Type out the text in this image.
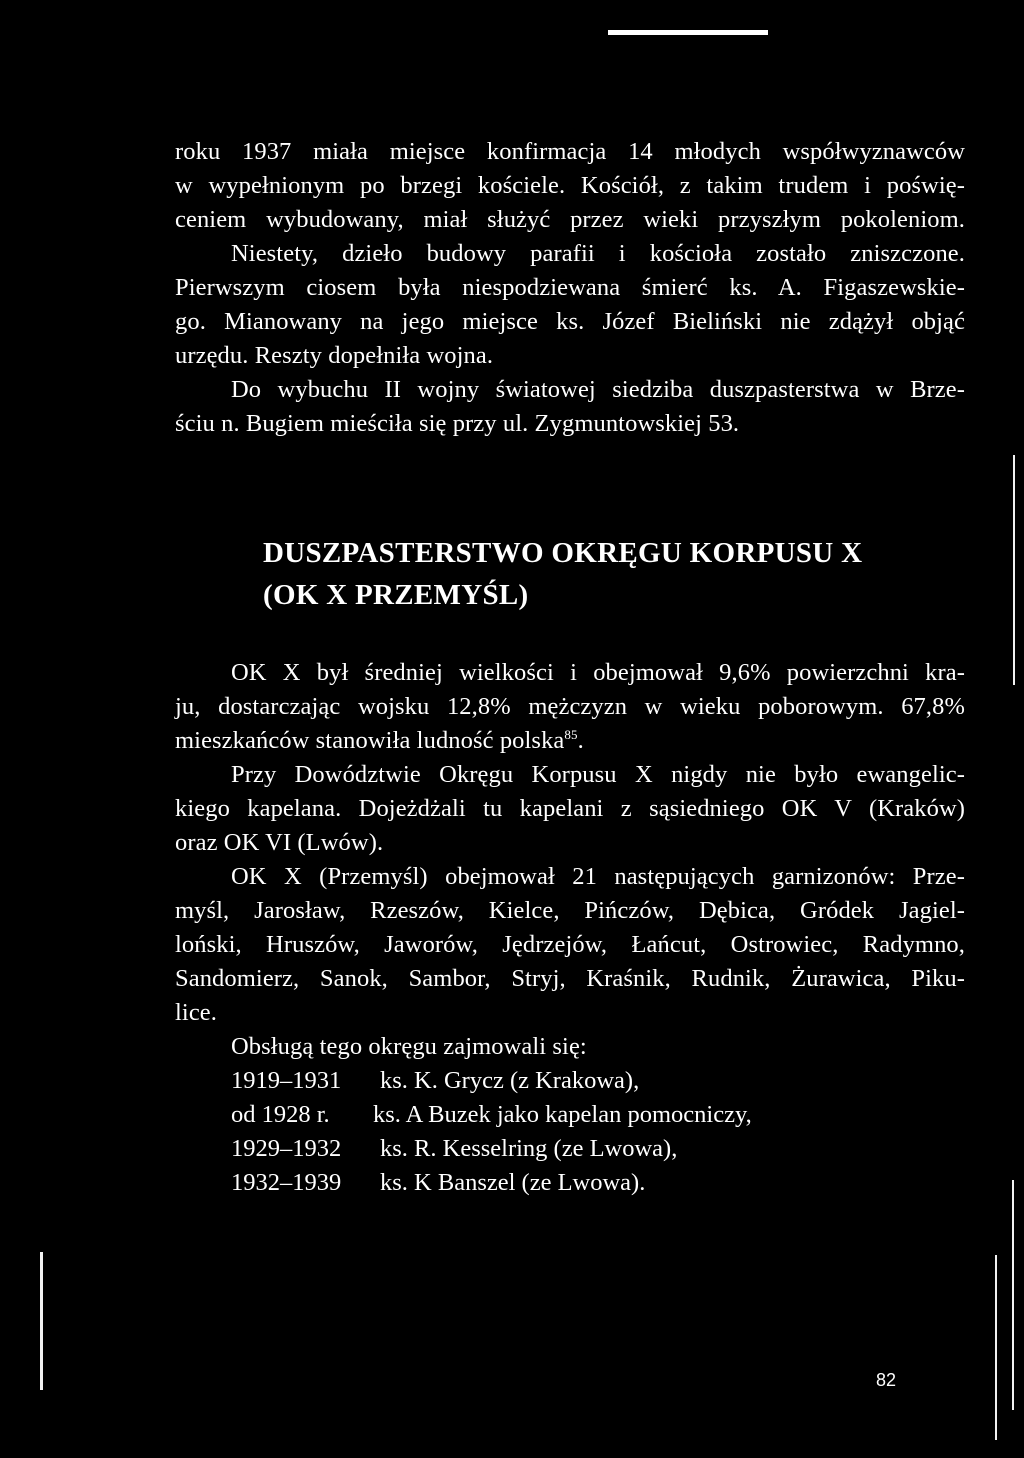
roku 1937 miała miejsce konfirmacja 14 młodych współwyznawców
w wypełnionym po brzegi kościele. Kościół, z takim trudem i poświę-
ceniem wybudowany, miał służyć przez wieki przyszłym pokoleniom.
Niestety, dzieło budowy parafii i kościoła zostało zniszczone.
Pierwszym ciosem była niespodziewana śmierć ks. A. Figaszewskie-
go. Mianowany na jego miejsce ks. Józef Bieliński nie zdążył objąć
urzędu. Reszty dopełniła wojna.
Do wybuchu II wojny światowej siedziba duszpasterstwa w Brze-
ściu n. Bugiem mieściła się przy ul. Zygmuntowskiej 53.
DUSZPASTERSTWO OKRĘGU KORPUSU X
(OK X PRZEMYŚL)
OK X był średniej wielkości i obejmował 9,6% powierzchni kra-
ju, dostarczając wojsku 12,8% mężczyzn w wieku poborowym. 67,8%
mieszkańców stanowiła ludność polska$^{85}$.
Przy Dowództwie Okręgu Korpusu X nigdy nie było ewangelic-
kiego kapelana. Dojeżdżali tu kapelani z sąsiedniego OK V (Kraków)
oraz OK VI (Lwów).
OK X (Przemyśl) obejmował 21 następujących garnizonów: Prze-
myśl, Jarosław, Rzeszów, Kielce, Pińczów, Dębica, Gródek Jagiel-
loński, Hruszów, Jaworów, Jędrzejów, Łańcut, Ostrowiec, Radymno,
Sandomierz, Sanok, Sambor, Stryj, Kraśnik, Rudnik, Żurawica, Piku-
lice.
Obsługą tego okręgu zajmowali się:
1919–1931 ks. K. Grycz (z Krakowa),
od 1928 r. ks. A Buzek jako kapelan pomocniczy,
1929–1932 ks. R. Kesselring (ze Lwowa),
1932–1939 ks. K Banszel (ze Lwowa).
82
